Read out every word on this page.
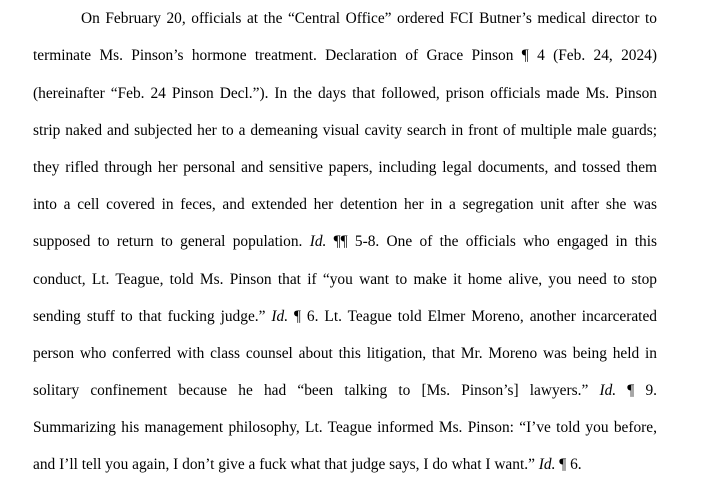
On February 20, officials at the “Central Office” ordered FCI Butner’s medical director to
terminate Ms. Pinson’s hormone treatment. Declaration of Grace Pinson ¶ 4 (Feb. 24, 2024)
(hereinafter “Feb. 24 Pinson Decl.”). In the days that followed, prison officials made Ms. Pinson
strip naked and subjected her to a demeaning visual cavity search in front of multiple male guards;
they rifled through her personal and sensitive papers, including legal documents, and tossed them
into a cell covered in feces, and extended her detention her in a segregation unit after she was
supposed to return to general population. Id. ¶¶ 5-8. One of the officials who engaged in this
conduct, Lt. Teague, told Ms. Pinson that if “you want to make it home alive, you need to stop
sending stuff to that fucking judge.” Id. ¶ 6. Lt. Teague told Elmer Moreno, another incarcerated
person who conferred with class counsel about this litigation, that Mr. Moreno was being held in
solitary confinement because he had “been talking to [Ms. Pinson’s] lawyers.” Id. ¶ 9.
Summarizing his management philosophy, Lt. Teague informed Ms. Pinson: “I’ve told you before,
and I’ll tell you again, I don’t give a fuck what that judge says, I do what I want.” Id. ¶ 6.
